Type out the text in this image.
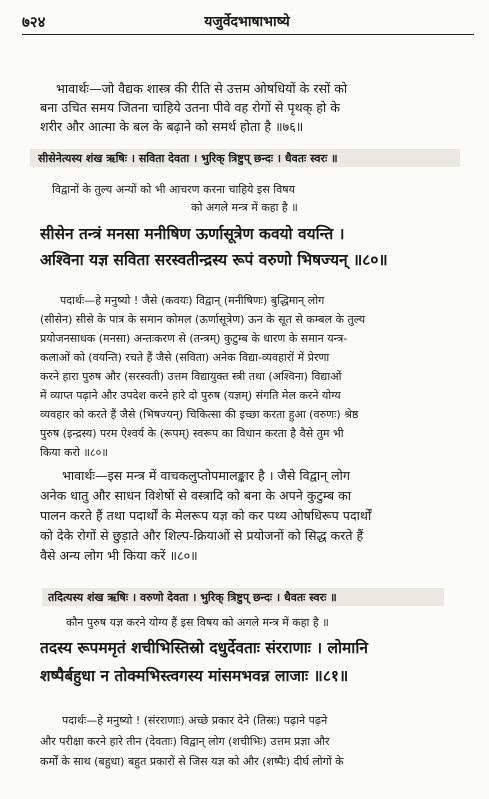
७२४	यजुर्वेदभाषाभाष्ये
भावार्थः—जो वैद्यक शास्त्र की रीति से उत्तम ओषधियों के रसों को
बना उचित समय जितना चाहिये उतना पीवे वह रोगों से पृथक् हो के
शरीर और आत्मा के बल के बढ़ाने को समर्थ होता है ॥७६॥
सीसेनेत्यस्य शंख ऋषिः । सविता देवता । भुरिक् त्रिष्टुप् छन्दः । धैवतः स्वरः ॥
विद्वानों के तुल्य अन्यों को भी आचरण करना चाहिये इस विषय
को अगले मन्त्र में कहा है ॥
सीसेन तन्त्रं मनसा मनीषिण ऊर्णासूत्रेण कवयो वयन्ति ।
अश्विना यज्ञ सविता सरस्वतीन्द्रस्य रूपं वरुणो भिषज्यन् ॥८०॥
पदार्थः—हे मनुष्यो ! जैसे (कवयः) विद्वान् (मनीषिणः) बुद्धिमान् लोग
(सीसेन) सीसे के पात्र के समान कोमल (ऊर्णासूत्रेण) ऊन के सूत से कम्बल के तुल्य
प्रयोजनसाधक (मनसा) अन्तःकरण से (तन्त्रम्) कुटुम्ब के धारण के समान यन्त्र-
कलाओं को (वयन्ति) रचते हैं जैसे (सविता) अनेक विद्या-व्यवहारों में प्रेरणा
करने हारा पुरुष और (सरस्वती) उत्तम विद्यायुक्त स्त्री तथा (अश्विना) विद्याओं
में व्याप्त पढ़ाने और उपदेश करने हारे दो पुरुष (यज्ञम्) संगति मेल करने योग्य
व्यवहार को करते हैं जैसे (भिषज्यन्) चिकित्सा की इच्छा करता हुआ (वरुणः) श्रेष्ठ
पुरुष (इन्द्रस्य) परम ऐश्वर्य के (रूपम्) स्वरूप का विधान करता है वैसे तुम भी
किया करो ॥८०॥
भावार्थः—इस मन्त्र में वाचकलुप्तोपमालङ्कार है । जैसे विद्वान् लोग
अनेक धातु और साधन विशेषों से वस्त्रादि को बना के अपने कुटुम्ब का
पालन करते हैं तथा पदार्थों के मेलरूप यज्ञ को कर पथ्य ओषधिरूप पदार्थों
को देके रोगों से छुड़ाते और शिल्प-क्रियाओं से प्रयोजनों को सिद्ध करते हैं
वैसे अन्य लोग भी किया करें ॥८०॥
तदित्यस्य शंख ऋषिः । वरुणो देवता । भुरिक् त्रिष्टुप् छन्दः । धैवतः स्वरः ॥
कौन पुरुष यज्ञ करने योग्य हैं इस विषय को अगले मन्त्र में कहा है ॥
तदस्य रूपममृतं शचीभिस्तिस्रो दधुर्देवताः संरराणाः । लोमानि
शष्पैर्बहुधा न तोक्मभिस्त्वगस्य मांसमभवन्न लाजाः ॥८१॥
पदार्थः—हे मनुष्यो ! (संरराणाः) अच्छे प्रकार देने (तिस्रः) पढ़ाने पढ़ने
और परीक्षा करने हारे तीन (देवताः) विद्वान् लोग (शचीभिः) उत्तम प्रज्ञा और
कर्मों के साथ (बहुधा) बहुत प्रकारों से जिस यज्ञ को और (शष्पैः) दीर्घ लोगों के
